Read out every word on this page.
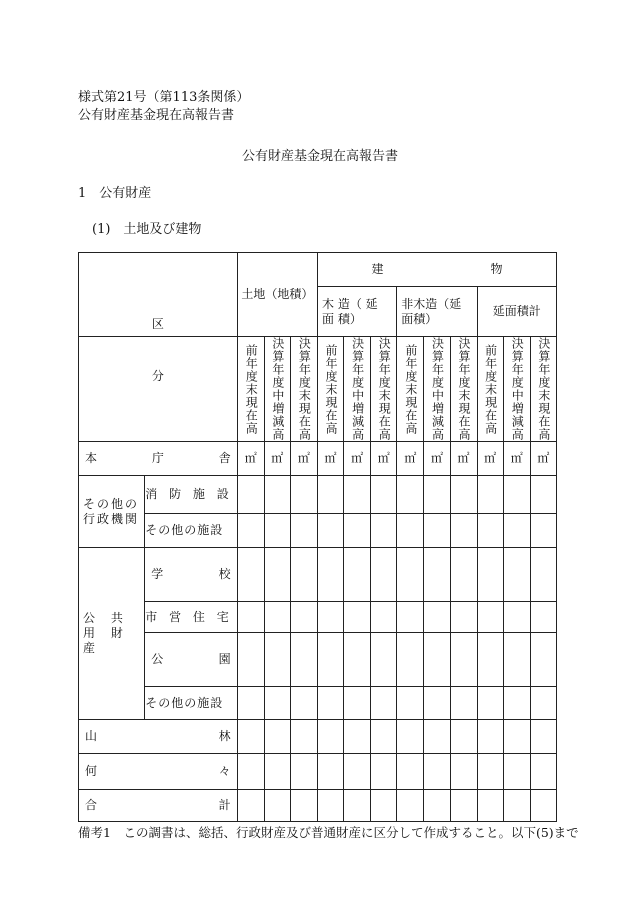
様式第21号（第113条関係）
公有財産基金現在高報告書
公有財産基金現在高報告書
1　公有財産
(1)　土地及び建物
区		土地（地積）			建 物								

					木 造（ 延 面 積）			非木造（延面積）			延面積計		
分		前年度末現在高	決算年度中増減高	決算年度末現在高	前年度末現在高	決算年度中増減高	決算年度末現在高	前年度末現在高	決算年度中増減高	決算年度末現在高	前年度末現在高	決算年度中増減高	決算年度末現在高

本 庁 舎		㎡	㎡	㎡	㎡	㎡	㎡	㎡	㎡	㎡	㎡	㎡	㎡
その他の行政機関	消 防 施 設												
	その他の施設												
公 共 用 財 産	学 校												

	市 営 住 宅												

	公 園												

	その他の施設												

山 林													

何 々													

合 計													

備考1　この調書は、総括、行政財産及び普通財産に区分して作成すること。以下(5)まで
